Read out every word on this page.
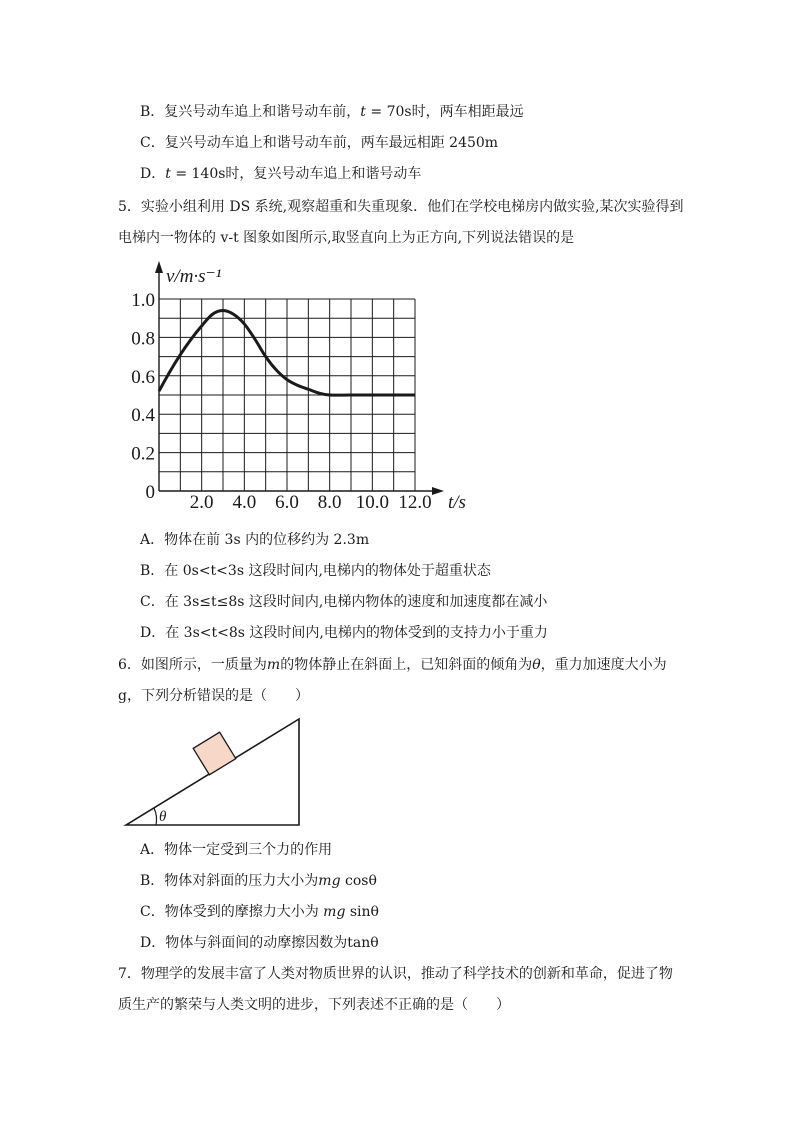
B．复兴号动车追上和谐号动车前，t = 70s时，两车相距最远
C．复兴号动车追上和谐号动车前，两车最远相距 2450m
D．t = 140s时，复兴号动车追上和谐号动车
5．实验小组利用 DS 系统,观察超重和失重现象．他们在学校电梯房内做实验,某次实验得到
电梯内一物体的 v-t 图象如图所示,取竖直向上为正方向,下列说法错误的是
2.0 4.0 6.0 8.0 10.0 12.0
0
0.2
0.4
0.6
0.8
1.0
v/m·s⁻¹
t/s
A．物体在前 3s 内的位移约为 2.3m
B．在 0s<t<3s 这段时间内,电梯内的物体处于超重状态
C．在 3s≤t≤8s 这段时间内,电梯内物体的速度和加速度都在减小
D．在 3s<t<8s 这段时间内,电梯内的物体受到的支持力小于重力
6．如图所示，一质量为m的物体静止在斜面上，已知斜面的倾角为θ，重力加速度大小为
g，下列分析错误的是（　　）
θ
A．物体一定受到三个力的作用
B．物体对斜面的压力大小为mg cosθ
C．物体受到的摩擦力大小为 mg sinθ
D．物体与斜面间的动摩擦因数为tanθ
7．物理学的发展丰富了人类对物质世界的认识，推动了科学技术的创新和革命，促进了物
质生产的繁荣与人类文明的进步，下列表述不正确的是（　　）
